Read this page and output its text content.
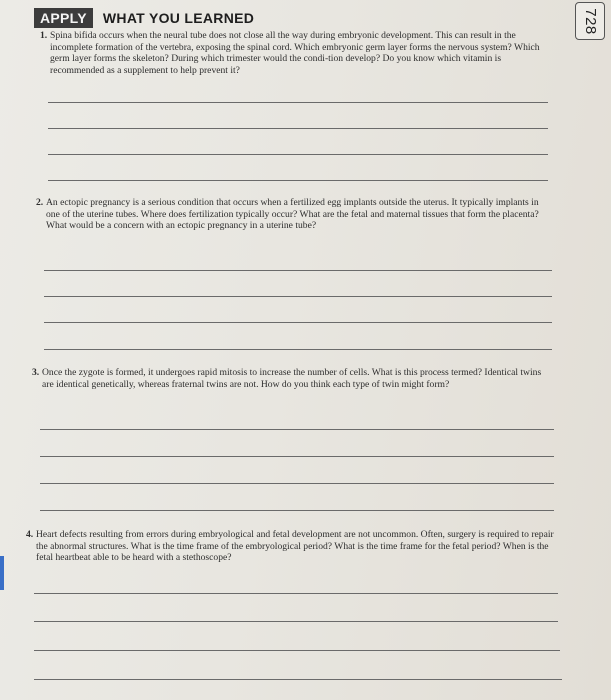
728
APPLY	WHAT YOU LEARNED
1. Spina bifida occurs when the neural tube does not close all the way during embryonic development. This can result in the incomplete formation of the vertebra, exposing the spinal cord. Which embryonic germ layer forms the nervous system? Which germ layer forms the skeleton? During which trimester would the condi-tion develop? Do you know which vitamin is recommended as a supplement to help prevent it?

2. An ectopic pregnancy is a serious condition that occurs when a fertilized egg implants outside the uterus. It typically implants in one of the uterine tubes. Where does fertilization typically occur? What are the fetal and maternal tissues that form the placenta? What would be a concern with an ectopic pregnancy in a uterine tube?

3. Once the zygote is formed, it undergoes rapid mitosis to increase the number of cells. What is this process termed? Identical twins are identical genetically, whereas fraternal twins are not. How do you think each type of twin might form?

4. Heart defects resulting from errors during embryological and fetal development are not uncommon. Often, surgery is required to repair the abnormal structures. What is the time frame of the embryological period? What is the time frame for the fetal period? When is the fetal heartbeat able to be heard with a stethoscope?
